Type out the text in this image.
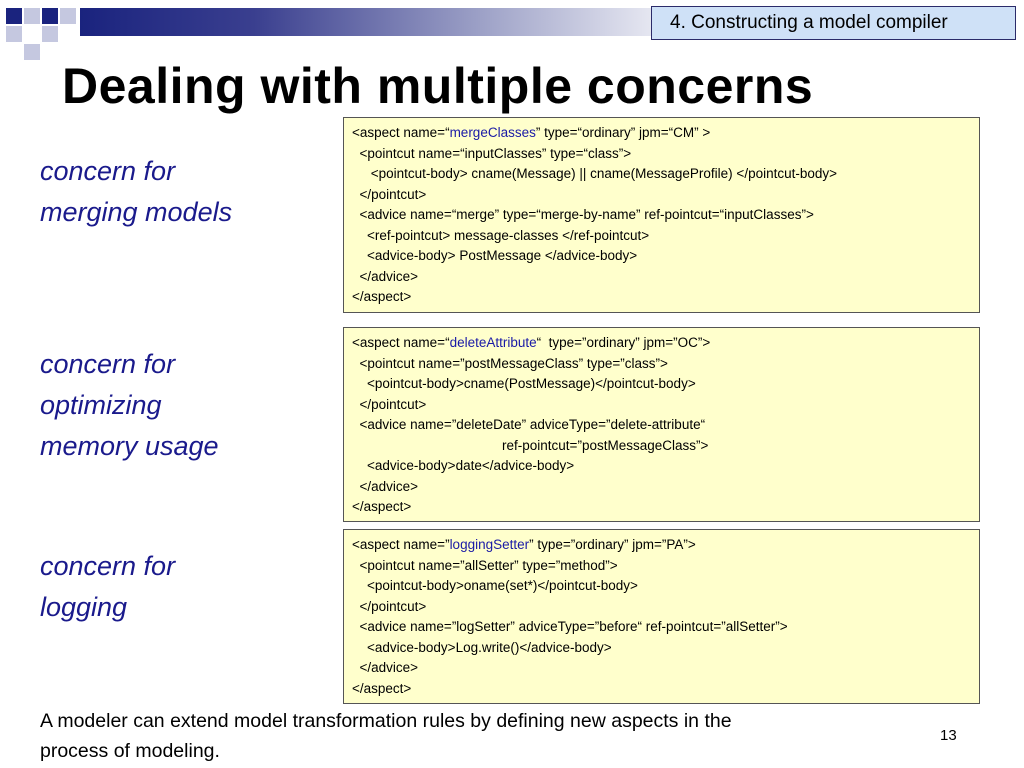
4. Constructing a model compiler
Dealing with multiple concerns
concern for
merging models
concern for
optimizing
memory usage
concern for
logging
<aspect name=“mergeClasses” type=“ordinary” jpm=“CM” >
<pointcut name=“inputClasses” type=“class”>
<pointcut-body> cname(Message) || cname(MessageProfile) </pointcut-body>
</pointcut>
<advice name=“merge” type=“merge-by-name” ref-pointcut=“inputClasses”>
<ref-pointcut> message-classes </ref-pointcut>
<advice-body> PostMessage </advice-body>
</advice>
</aspect>
<aspect name=“deleteAttribute“  type=”ordinary” jpm=”OC”>
<pointcut name=”postMessageClass” type=”class”>
<pointcut-body>cname(PostMessage)</pointcut-body>
</pointcut>
<advice name=”deleteDate” adviceType=”delete-attribute“
ref-pointcut=”postMessageClass”>
<advice-body>date</advice-body>
</advice>
</aspect>
<aspect name=”loggingSetter” type=”ordinary” jpm=”PA”>
<pointcut name=”allSetter” type=”method”>
<pointcut-body>oname(set*)</pointcut-body>
</pointcut>
<advice name=”logSetter” adviceType=”before“ ref-pointcut=”allSetter”>
<advice-body>Log.write()</advice-body>
</advice>
</aspect>
A modeler can extend model transformation rules by defining new aspects in the
process of modeling.
13
